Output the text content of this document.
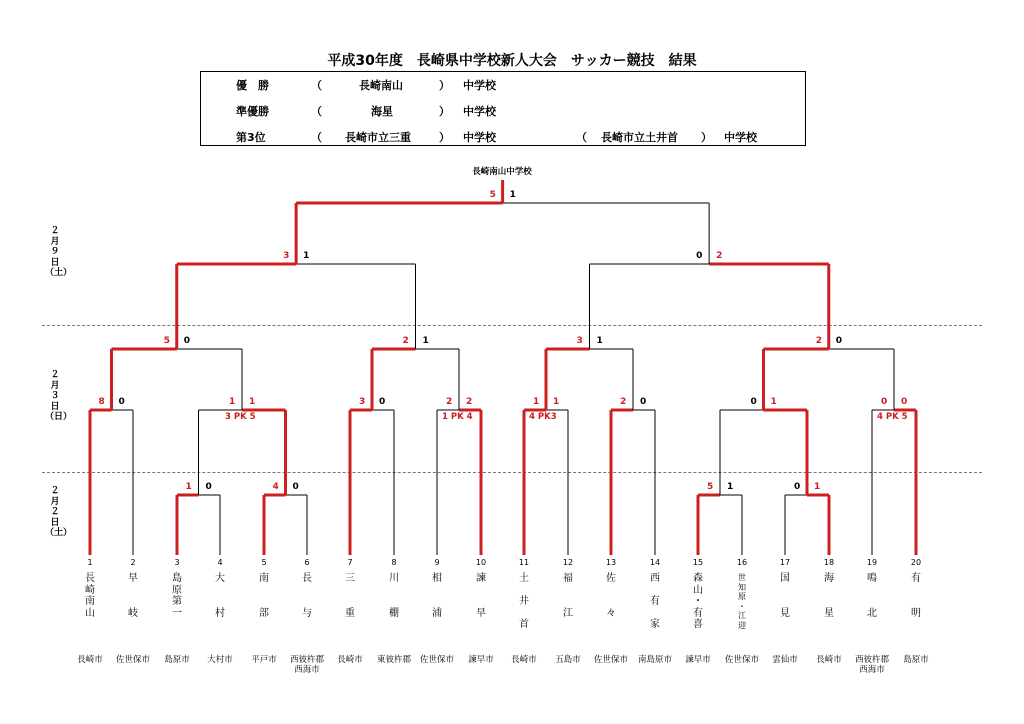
平成30年度　長崎県中学校新人大会　サッカー競技　結果
優　勝	（	長崎南山	） 中学校
準優勝	（	海星	） 中学校
第3位	（ 長崎市立三重	） 中学校	（ 長崎市立土井首 ） 中学校
長崎南山中学校
２
月
９
日
（土）
２
月
３
日
（日）
２
月
２
日
（土）
1
長
崎
南
山
長崎市
2
早

岐
佐世保市
3
島
原
第
一
島原市
4
大

村
大村市
5
南

部
平戸市
6
長

与
西彼杵郡
西海市
7
三

重
長崎市
8
川

棚
東彼杵郡
9
相

浦
佐世保市
10
諫

早
諫早市
11
土

井

首
長崎市
12
福

江
五島市
13
佐

々
佐世保市
14
西

有

家
南島原市
15
森
山
・
有
喜
諫早市
16
世
知
原
・
江
迎
佐世保市
17
国

見
雲仙市
18
海

星
長崎市
19
鳴

北
西彼杵郡
西海市
20
有

明
島原市
5 1
3 1	0 2
5 0	2 1	3 1	2 0
8 0	1 1
3 PK 5
3 0	2 2
1 PK 4
1 1
4 PK3
2 0	0 1	0 0
4 PK 5
1 0	4 0	5 1	0 1
